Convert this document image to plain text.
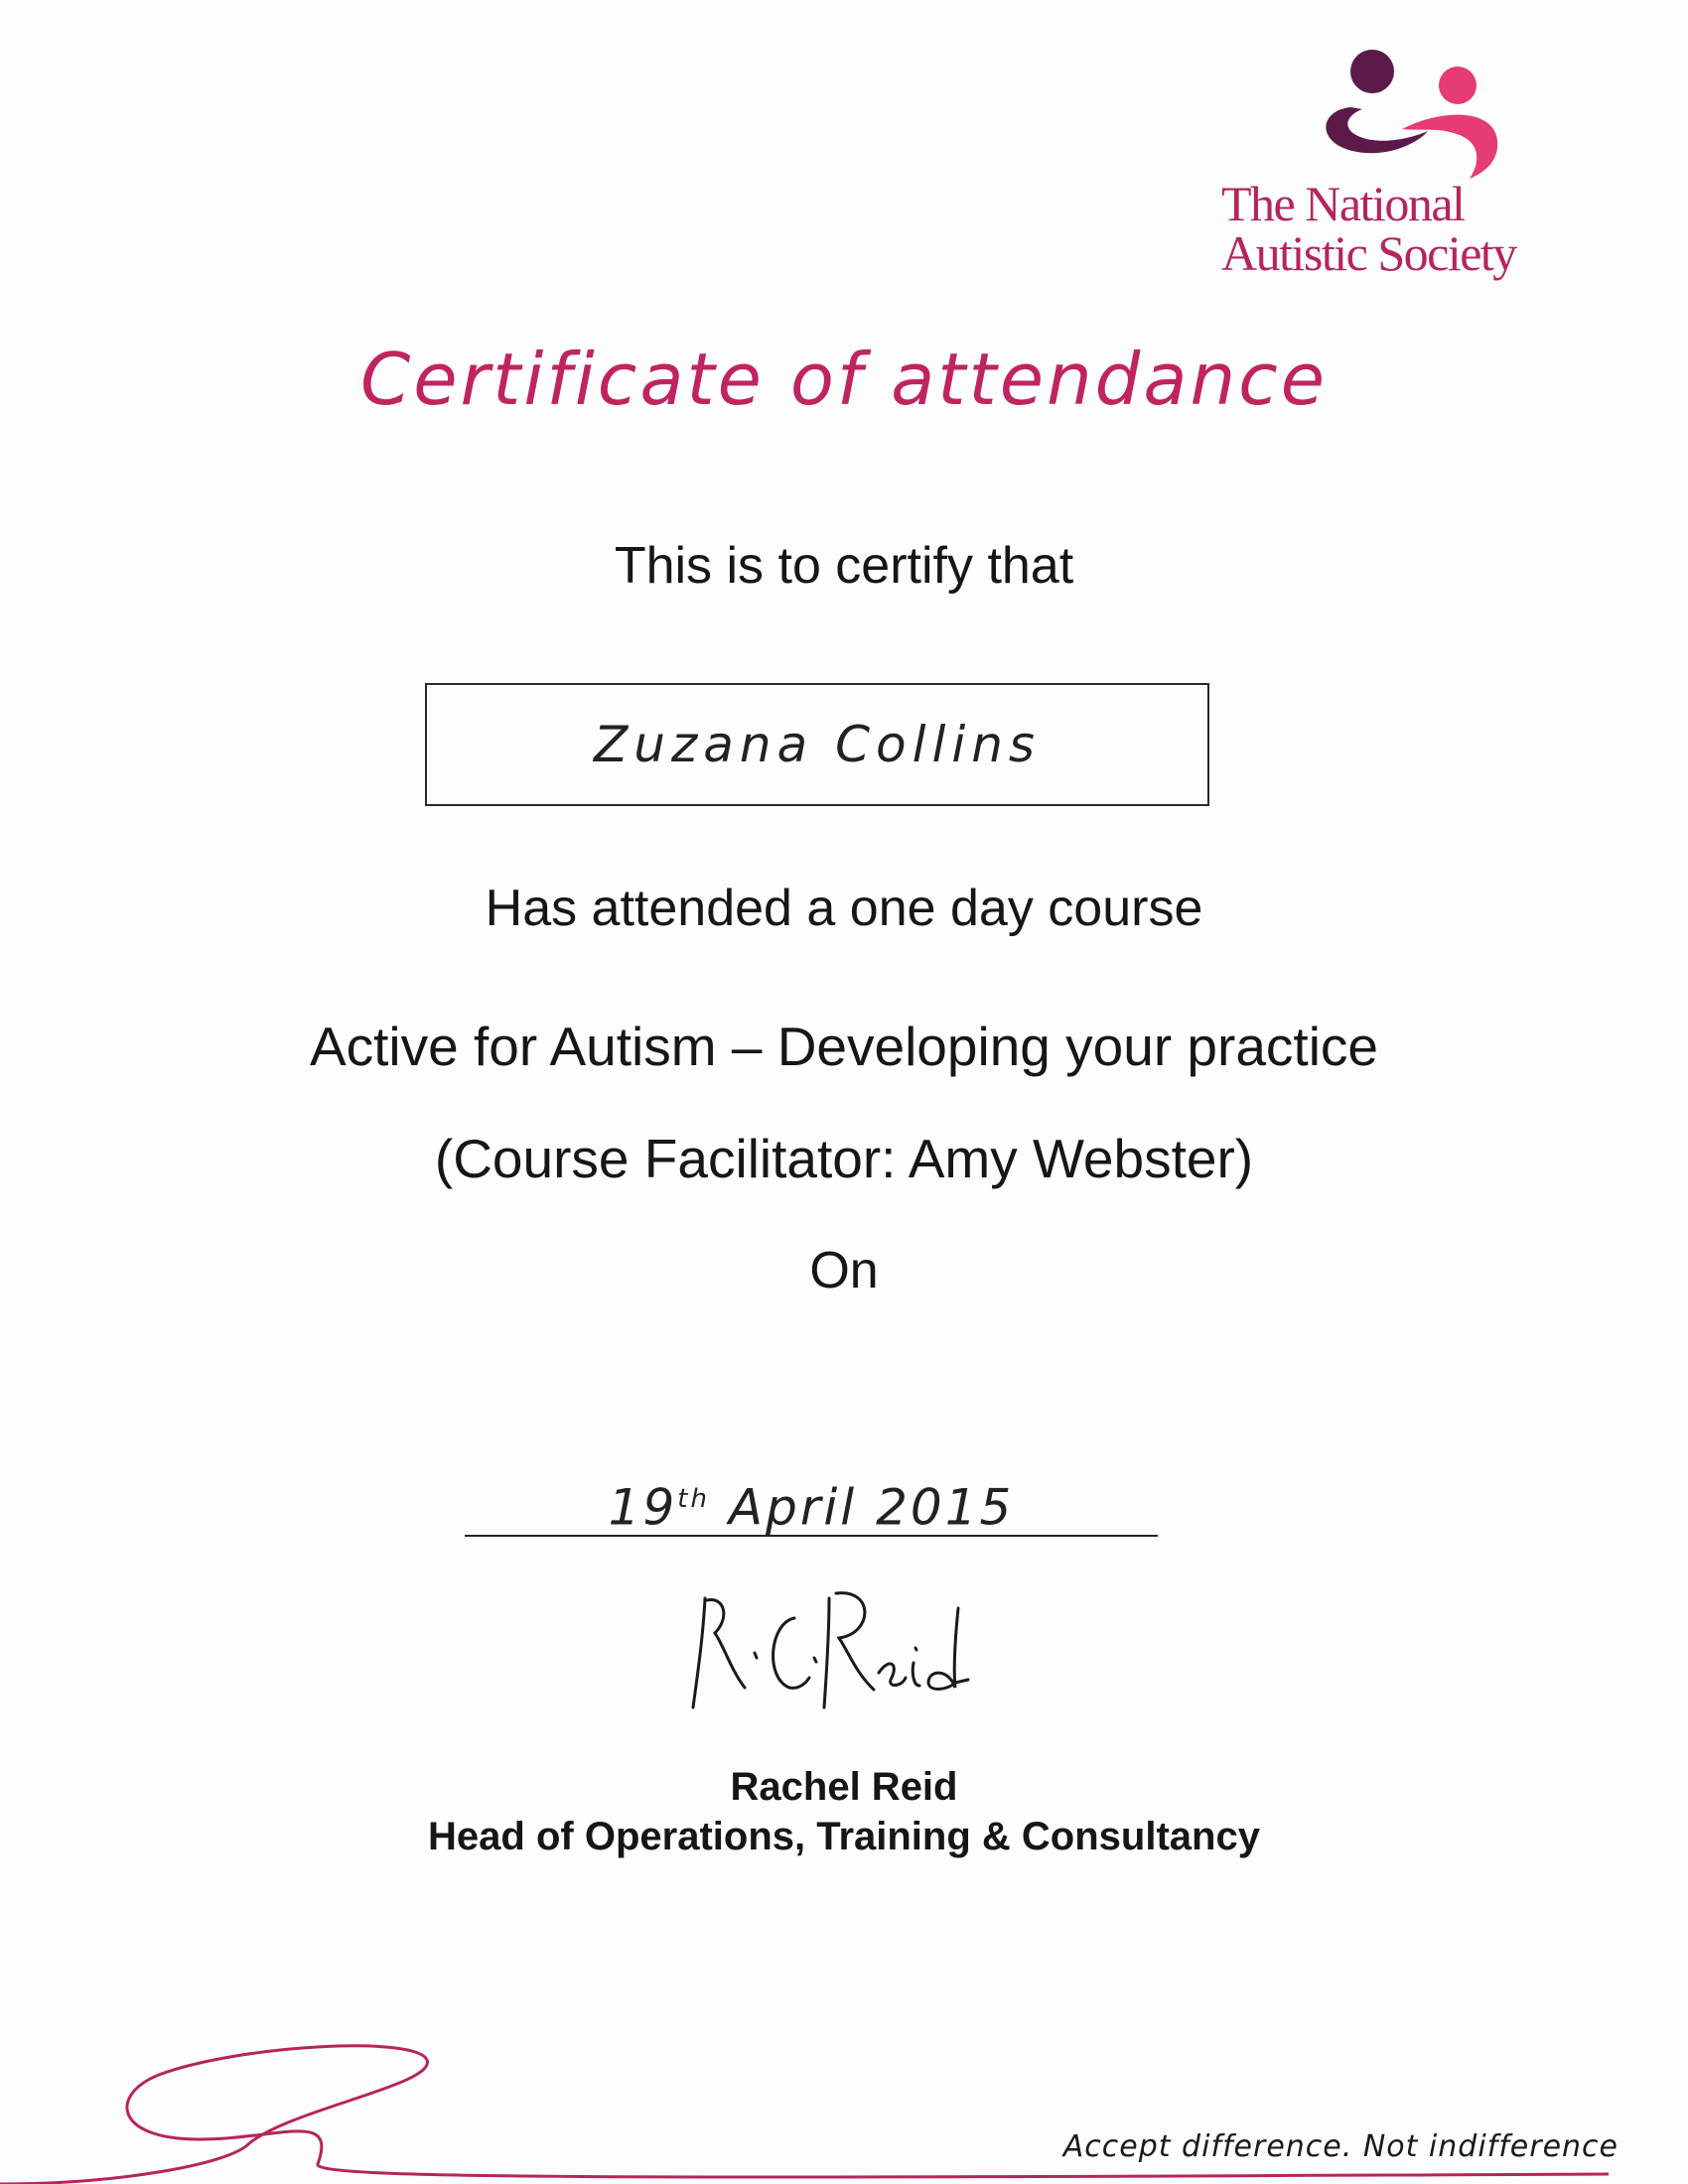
The National
Autistic Society
Certificate of attendance
This is to certify that
Zuzana Collins
Has attended a one day course
Active for Autism – Developing your practice
(Course Facilitator: Amy Webster)
On
19th April 2015
Rachel Reid
Head of Operations, Training & Consultancy
Accept difference. Not indifference
